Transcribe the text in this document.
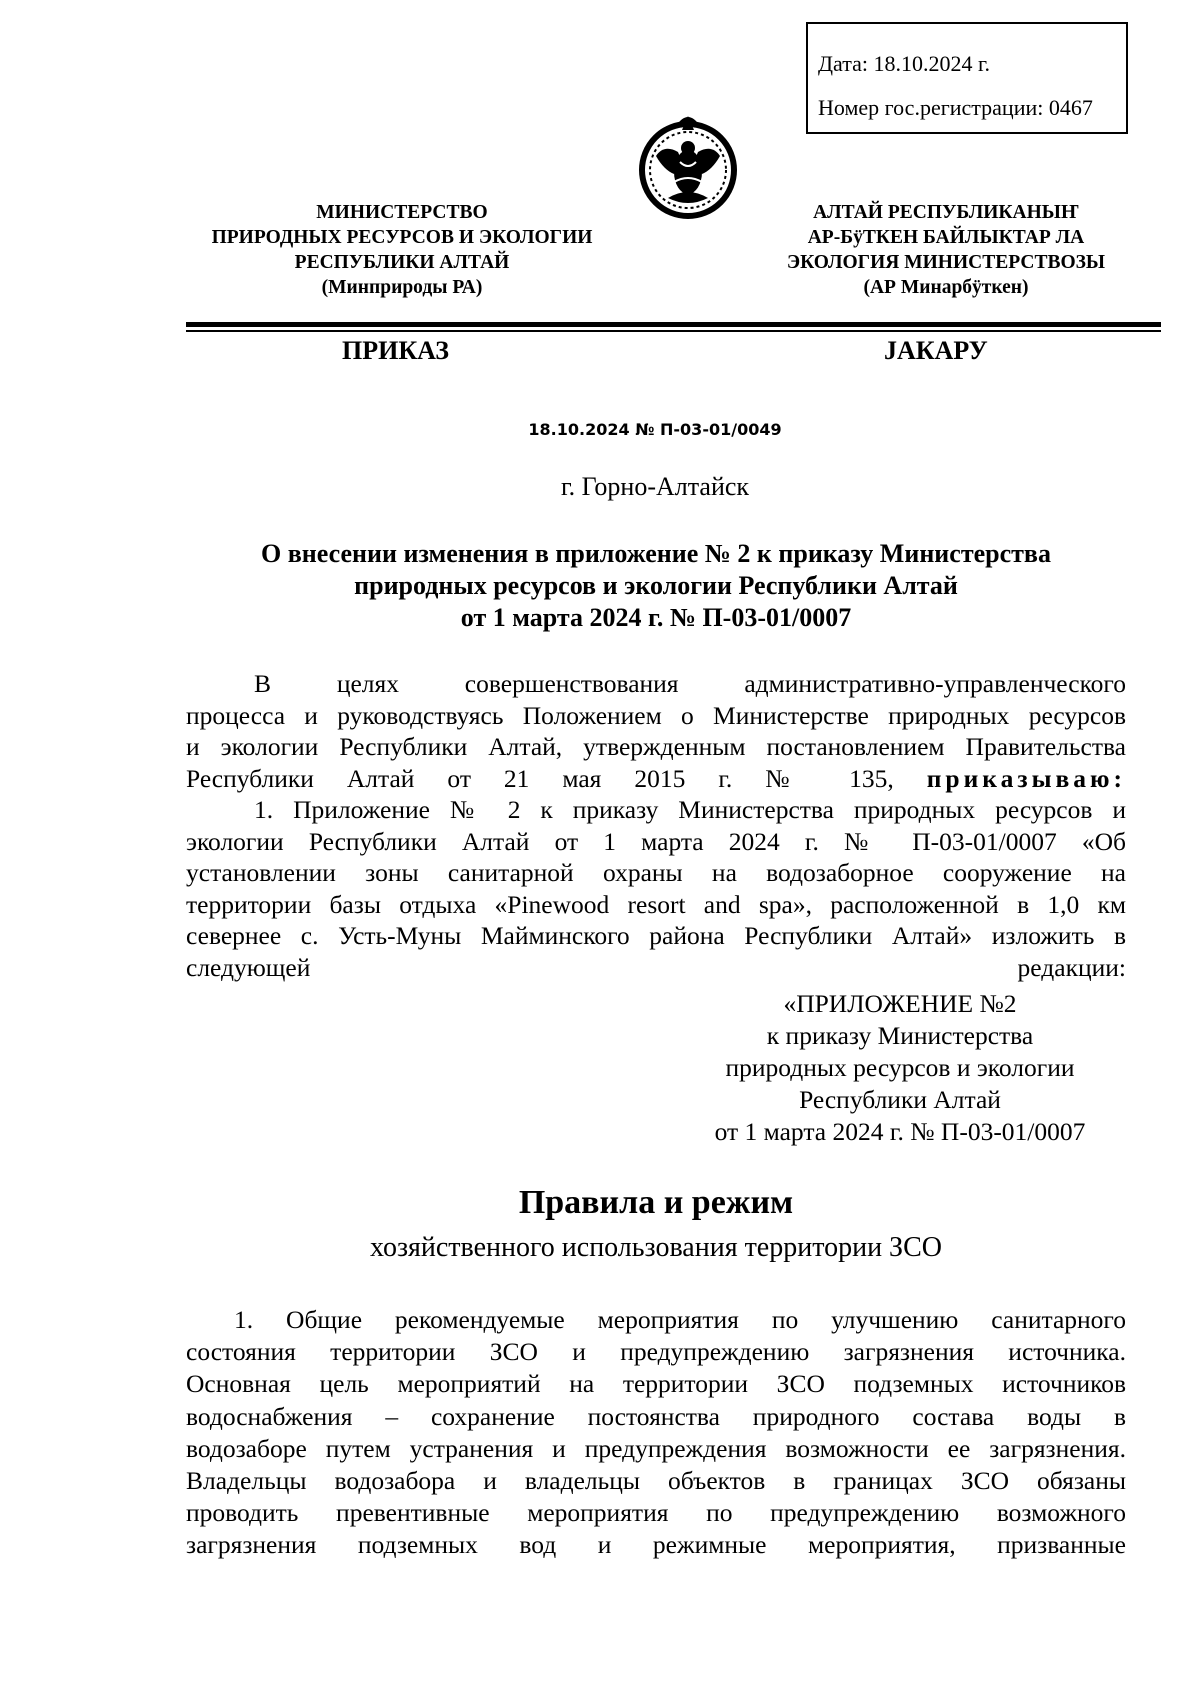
Дата: 18.10.2024 г.
Номер гос.регистрации: 0467
МИНИСТЕРСТВО
ПРИРОДНЫХ РЕСУРСОВ И ЭКОЛОГИИ
РЕСПУБЛИКИ АЛТАЙ
(Минприроды РА)
АЛТАЙ РЕСПУБЛИКАНЫҤ
АР-БÿТКЕН БАЙЛЫКТАР ЛА
ЭКОЛОГИЯ МИНИСТЕРСТВОЗЫ
(АР Минарбÿткен)
ПРИКАЗ	ЈАКАРУ
18.10.2024 № П-03-01/0049
г. Горно-Алтайск
О внесении изменения в приложение № 2 к приказу Министерства
природных ресурсов и экологии Республики Алтай
от 1 марта 2024 г. № П-03-01/0007
В целях совершенствования административно-управленческого
процесса и руководствуясь Положением о Министерстве природных ресурсов
и экологии Республики Алтай, утвержденным постановлением Правительства
Республики Алтай от 21 мая 2015 г. № 135, приказываю:
1. Приложение № 2 к приказу Министерства природных ресурсов и
экологии Республики Алтай от 1 марта 2024 г. № П-03-01/0007 «Об
установлении зоны санитарной охраны на водозаборное сооружение на
территории базы отдыха «Pinewood resort and spa», расположенной в 1,0 км
севернее с. Усть-Муны Майминского района Республики Алтай» изложить в
следующей редакции:
«ПРИЛОЖЕНИЕ №2
к приказу Министерства
природных ресурсов и экологии
Республики Алтай
от 1 марта 2024 г. № П-03-01/0007
Правила и режим
хозяйственного использования территории ЗСО
1. Общие рекомендуемые мероприятия по улучшению санитарного
состояния территории ЗСО и предупреждению загрязнения источника.
Основная цель мероприятий на территории ЗСО подземных источников
водоснабжения – сохранение постоянства природного состава воды в
водозаборе путем устранения и предупреждения возможности ее загрязнения.
Владельцы водозабора и владельцы объектов в границах ЗСО обязаны
проводить превентивные мероприятия по предупреждению возможного
загрязнения подземных вод и режимные мероприятия, призванные
